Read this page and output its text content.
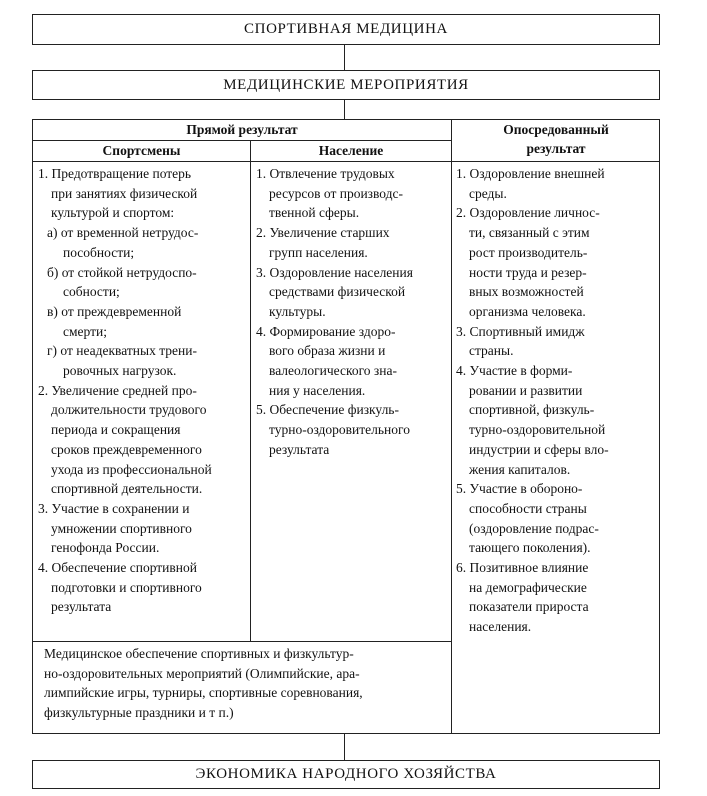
СПОРТИВНАЯ МЕДИЦИНА
МЕДИЦИНСКИЕ МЕРОПРИЯТИЯ
Прямой результат
Спортсмены	Население
Опосредованный
результат

1. Предотвращение потерь

при занятиях физической

культурой и спортом:

а) от временной нетрудос-

пособности;

б) от стойкой нетрудоспо-

собности;

в) от преждевременной

смерти;

г) от неадекватных трени-

ровочных нагрузок.

2. Увеличение средней про-

должительности трудового

периода и сокращения

сроков преждевременного

ухода из профессиональной

спортивной деятельности.

3. Участие в сохранении и

умножении спортивного

генофонда России.

4. Обеспечение спортивной

подготовки и спортивного

результата

1. Отвлечение трудовых

ресурсов от производс-

твенной сферы.

2. Увеличение старших

групп населения.

3. Оздоровление населения

средствами физической

культуры.

4. Формирование здоро-

вого образа жизни и

валеологического зна-

ния у населения.

5. Обеспечение физкуль-

турно-оздоровительного

результата

1. Оздоровление внешней

среды.

2. Оздоровление личнос-

ти, связанный с этим

рост производитель-

ности труда и резер-

вных возможностей

организма человека.

3. Спортивный имидж

страны.

4. Участие в форми-

ровании и развитии

спортивной, физкуль-

турно-оздоровительной

индустрии и сферы вло-

жения капиталов.

5. Участие в обороно-

способности страны

(оздоровление подрас-

тающего поколения).

6. Позитивное влияние

на демографические

показатели прироста

населения.

Медицинское обеспечение спортивных и физкультур-
но-оздоровительных мероприятий (Олимпийские, ара-
лимпийские игры, турниры, спортивные соревнования,
физкультурные праздники и т п.)
ЭКОНОМИКА НАРОДНОГО ХОЗЯЙСТВА
